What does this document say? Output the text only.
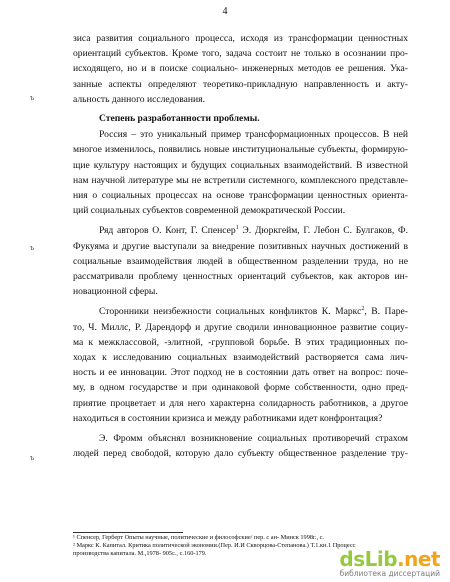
4
ъ
ъ
ъ
зиса развития социального процесса, исходя из трансформации ценностных
ориентаций субъектов. Кроме того, задача состоит не только в осознании про-
исходящего, но и в поиске социально- инженерных методов ее решения. Ука-
занные аспекты определяют теоретико-прикладную направленность и акту-
альность данного исследования.
Степень разработанности проблемы.
Россия – это уникальный пример трансформационных процессов. В ней
многое изменилось, появились новые институциональные субъекты, формирую-
щие культуру настоящих и будущих социальных взаимодействий. В известной
нам научной литературе мы не встретили системного, комплексного представле-
ния о социальных процессах на основе трансформации ценностных ориента-
ций социальных субъектов современной демократической России.
Ряд авторов О. Конт, Г. Спенсер$^1$ Э. Дюркгейм, Г. Лебон С. Булгаков, Ф.
Фукуяма и другие выступали за внедрение позитивных научных достижений в
социальные взаимодействия людей в общественном разделении труда, но не
рассматривали проблему ценностных ориентаций субъектов, как акторов ин-
новационной сферы.
Сторонники неизбежности социальных конфликтов К. Маркс$^2$, В. Паре-
то, Ч. Миллс, Р. Дарендорф и другие сводили инновационное развитие социу-
ма к межклассовой, -элитной, -групповой борьбе. В этих традиционных по-
ходах к исследованию социальных взаимодействий растворяется сама лич-
ность и ее инновации. Этот подход не в состоянии дать ответ на вопрос: поче-
му, в одном государстве и при одинаковой форме собственности, одно пред-
приятие процветает и для него характерна солидарность работников, а другое
находиться в состоянии кризиса и между работниками идет конфронтация?
Э. Фромм объяснял возникновение социальных противоречий страхом
людей перед свободой, которую дало субъекту общественное разделение тру-
¹ Спенсер, Герберт Опыты научные, политические и философские/ пер. с ан- Минск 1998г., с.
² Маркс К. Капитал. Критика политической экономии.(Пер. И.И Скворцова-Степанова.) Т.1.кн.1 Процесс
производства капитала. М.,1978- 905с., с.160-179.	dsLib.net
библиотека диссертаций
